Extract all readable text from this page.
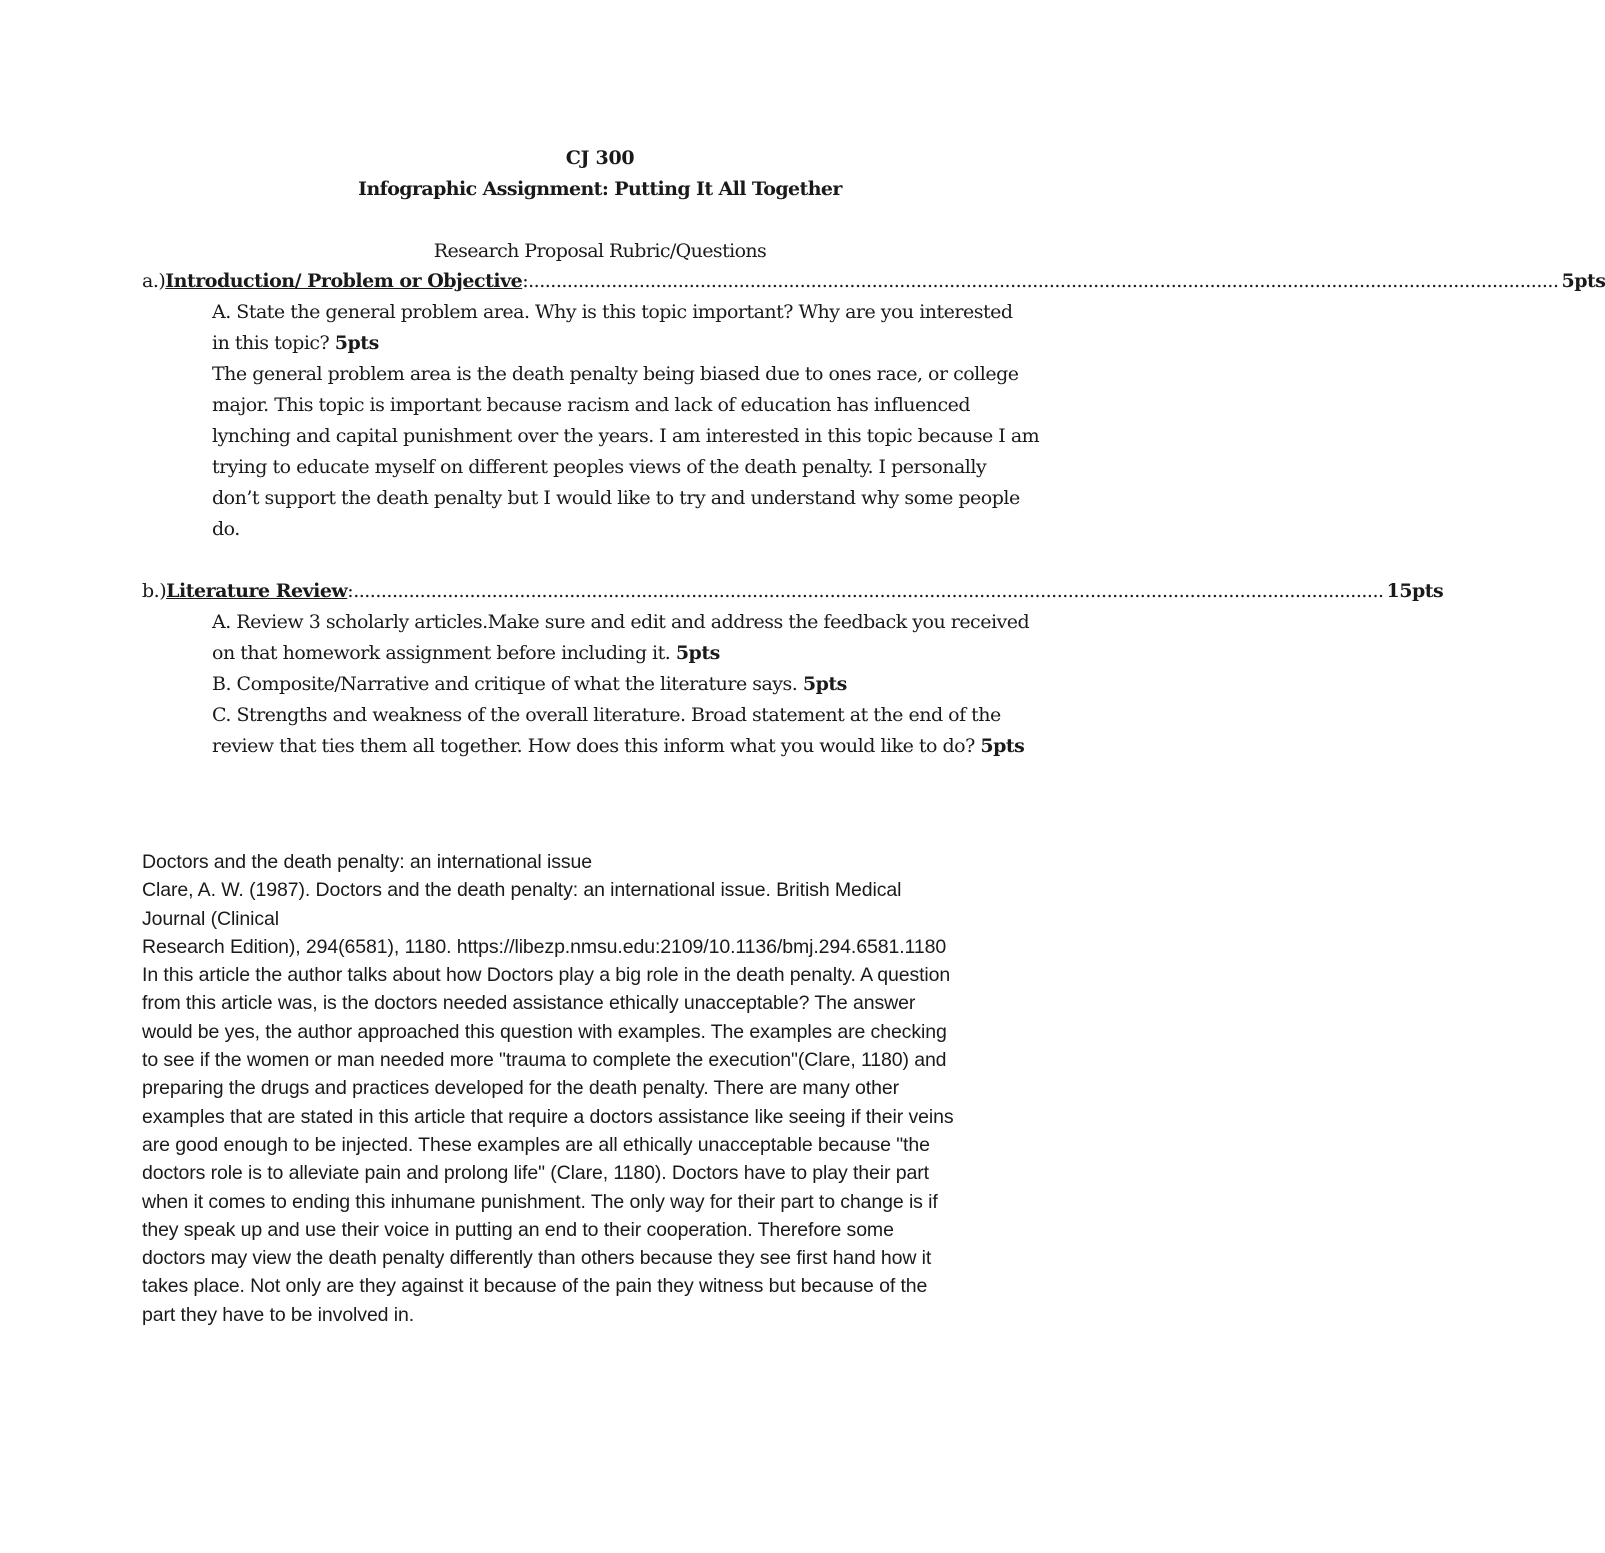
CJ 300
Infographic Assignment: Putting It All Together
Research Proposal Rubric/Questions
a.) Introduction/ Problem or Objective : .......................................................................................................................................................................................... 5pts
A. State the general problem area. Why is this topic important? Why are you interested
in this topic? 5pts
The general problem area is the death penalty being biased due to ones race, or college
major. This topic is important because racism and lack of education has influenced
lynching and capital punishment over the years. I am interested in this topic because I am
trying to educate myself on different peoples views of the death penalty. I personally
don’t support the death penalty but I would like to try and understand why some people
do.
b.) Literature Review : .......................................................................................................................................................................................... 15pts
A. Review 3 scholarly articles.Make sure and edit and address the feedback you received
on that homework assignment before including it. 5pts
B. Composite/Narrative and critique of what the literature says. 5pts
C. Strengths and weakness of the overall literature. Broad statement at the end of the
review that ties them all together. How does this inform what you would like to do? 5pts

Doctors and the death penalty: an international issue

Clare, A. W. (1987). Doctors and the death penalty: an international issue. British Medical

Journal (Clinical

Research Edition), 294(6581), 1180. https://libezp.nmsu.edu:2109/10.1136/bmj.294.6581.1180

In this article the author talks about how Doctors play a big role in the death penalty. A question

from this article was, is the doctors needed assistance ethically unacceptable? The answer

would be yes, the author approached this question with examples. The examples are checking

to see if the women or man needed more "trauma to complete the execution"(Clare, 1180) and

preparing the drugs and practices developed for the death penalty. There are many other

examples that are stated in this article that require a doctors assistance like seeing if their veins

are good enough to be injected. These examples are all ethically unacceptable because "the

doctors role is to alleviate pain and prolong life" (Clare, 1180). Doctors have to play their part

when it comes to ending this inhumane punishment. The only way for their part to change is if

they speak up and use their voice in putting an end to their cooperation. Therefore some

doctors may view the death penalty differently than others because they see first hand how it

takes place. Not only are they against it because of the pain they witness but because of the

part they have to be involved in.
